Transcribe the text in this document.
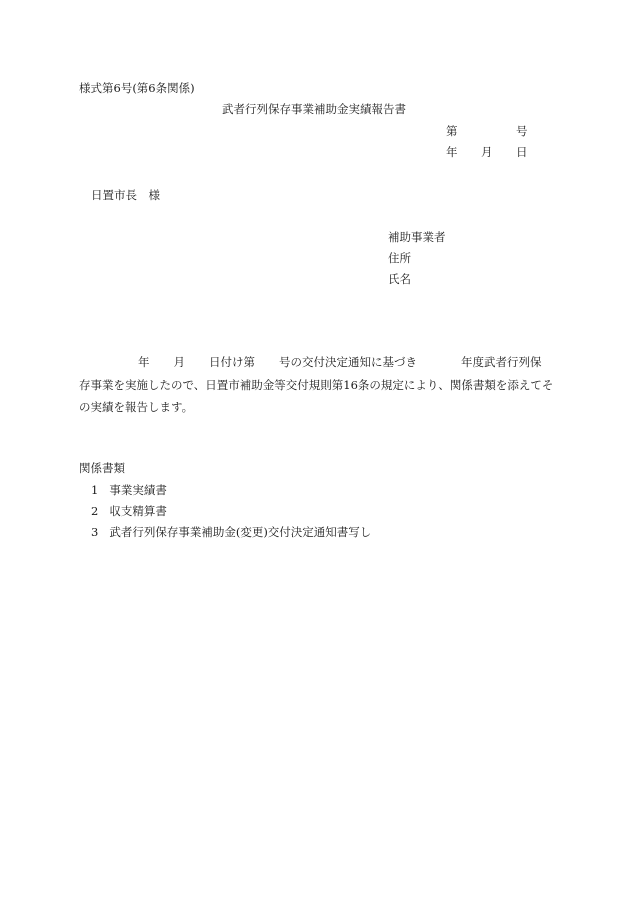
様式第6号(第6条関係)
武者行列保存事業補助金実績報告書
第	号
年 月 日
日置市長　様
補助事業者
住所
氏名
年 月 日付け第 号の交付決定通知に基づき	年度武者行列保
存事業を実施したので、日置市補助金等交付規則第16条の規定により、関係書類を添えてそ
の実績を報告します。
関係書類
1 事業実績書
2 収支精算書
3 武者行列保存事業補助金(変更)交付決定通知書写し
